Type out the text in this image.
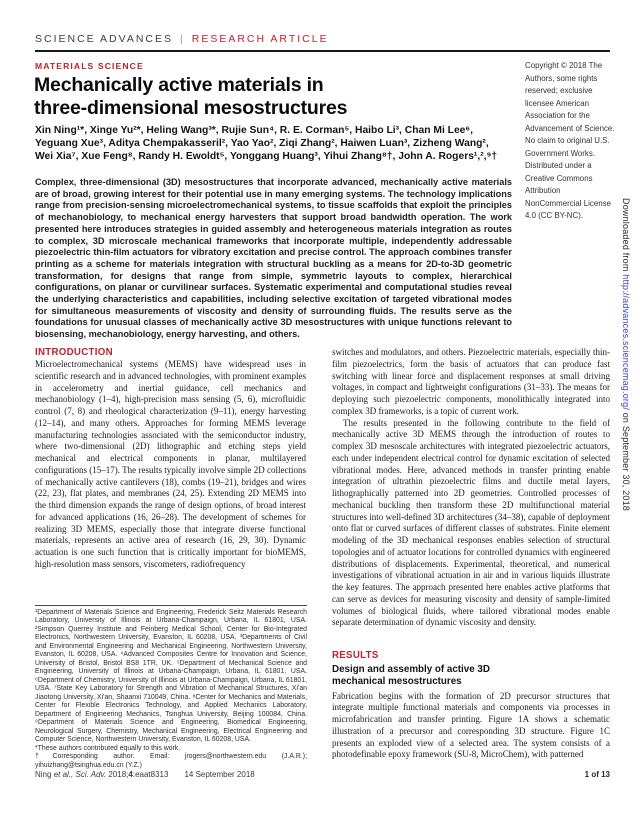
SCIENCE ADVANCES | RESEARCH ARTICLE
MATERIALS SCIENCE
Mechanically active materials in
three-dimensional mesostructures
Xin Ning¹*, Xinge Yu²*, Heling Wang³*, Rujie Sun⁴, R. E. Corman⁵, Haibo Li³, Chan Mi Lee⁶,
Yeguang Xue³, Aditya Chempakasseril², Yao Yao², Ziqi Zhang², Haiwen Luan³, Zizheng Wang²,
Wei Xia⁷, Xue Feng⁸, Randy H. Ewoldt⁵, Yonggang Huang³, Yihui Zhang⁸†, John A. Rogers¹,²,⁹†
Complex, three-dimensional (3D) mesostructures that incorporate advanced, mechanically active materials are of broad, growing interest for their potential use in many emerging systems. The technology implications range from precision-sensing microelectromechanical systems, to tissue scaffolds that exploit the principles of mechanobiology, to mechanical energy harvesters that support broad bandwidth operation. The work presented here introduces strategies in guided assembly and heterogeneous materials integration as routes to complex, 3D microscale mechanical frameworks that incorporate multiple, independently addressable piezoelectric thin-film actuators for vibratory excitation and precise control. The approach combines transfer printing as a scheme for materials integration with structural buckling as a means for 2D-to-3D geometric transformation, for designs that range from simple, symmetric layouts to complex, hierarchical configurations, on planar or curvilinear surfaces. Systematic experimental and computational studies reveal the underlying characteristics and capabilities, including selective excitation of targeted vibrational modes for simultaneous measurements of viscosity and density of surrounding fluids. The results serve as the foundations for unusual classes of mechanically active 3D mesostructures with unique functions relevant to biosensing, mechanobiology, energy harvesting, and others.
Copyright © 2018 The Authors, some rights reserved; exclusive licensee American Association for the Advancement of Science. No claim to original U.S. Government Works. Distributed under a Creative Commons Attribution NonCommercial License 4.0 (CC BY-NC).	Downloaded from http://advances.sciencemag.org/ on September 30, 2018
INTRODUCTION

Microelectromechanical systems (MEMS) have widespread uses in scientific research and in advanced technologies, with prominent examples in accelerometry and inertial guidance, cell mechanics and mechanobiology (1–4), high-precision mass sensing (5, 6), microfluidic control (7, 8) and rheological characterization (9–11), energy harvesting (12–14), and many others. Approaches for forming MEMS leverage manufacturing technologies associated with the semiconductor industry, where two-dimensional (2D) lithographic and etching steps yield mechanical and electrical components in planar, multilayered configurations (15–17). The results typically involve simple 2D collections of mechanically active cantilevers (18), combs (19–21), bridges and wires (22, 23), flat plates, and membranes (24, 25). Extending 2D MEMS into the third dimension expands the range of design options, of broad interest for advanced applications (16, 26–28). The development of schemes for realizing 3D MEMS, especially those that integrate diverse functional materials, represents an active area of research (16, 29, 30). Dynamic actuation is one such function that is critically important for bioMEMS, high-resolution mass sensors, viscometers, radiofrequency

¹Department of Materials Science and Engineering, Frederick Seitz Materials Research Laboratory, University of Illinois at Urbana-Champaign, Urbana, IL 61801, USA. ²Simpson Querrey Institute and Feinberg Medical School, Center for Bio-Integrated Electronics, Northwestern University, Evanston, IL 60208, USA. ³Departments of Civil and Environmental Engineering and Mechanical Engineering, Northwestern University, Evanston, IL 60208, USA. ⁴Advanced Composites Centre for Innovation and Science, University of Bristol, Bristol BS8 1TR, UK. ⁵Department of Mechanical Science and Engineering, University of Illinois at Urbana-Champaign, Urbana, IL 61801, USA. ⁶Department of Chemistry, University of Illinois at Urbana-Champaign, Urbana, IL 61801, USA. ⁷State Key Laboratory for Strength and Vibration of Mechanical Structures, Xi'an Jiaotong University, Xi'an, Shaanxi 710049, China. ⁸Center for Mechanics and Materials, Center for Flexible Electronics Technology, and Applied Mechanics Laboratory, Department of Engineering Mechanics, Tsinghua University, Beijing 100084, China. ⁹Department of Materials Science and Engineering, Biomedical Engineering, Neurological Surgery, Chemistry, Mechanical Engineering, Electrical Engineering and Computer Science, Northwestern University, Evanston, IL 60208, USA.

*These authors contributed equally to this work.

†Corresponding author. Email: jrogers@northwestern.edu (J.A.R.); yihuizhang@tsinghua.edu.cn (Y.Z.)

switches and modulators, and others. Piezoelectric materials, especially thin-film piezoelectrics, form the basis of actuators that can produce fast switching with linear force and displacement responses at small driving voltages, in compact and lightweight configurations (31–33). The means for deploying such piezoelectric components, monolithically integrated into complex 3D frameworks, is a topic of current work.

The results presented in the following contribute to the field of mechanically active 3D MEMS through the introduction of routes to complex 3D mesoscale architectures with integrated piezoelectric actuators, each under independent electrical control for dynamic excitation of selected vibrational modes. Here, advanced methods in transfer printing enable integration of ultrathin piezoelectric films and ductile metal layers, lithographically patterned into 2D geometries. Controlled processes of mechanical buckling then transform these 2D multifunctional material structures into well-defined 3D architectures (34–38), capable of deployment onto flat or curved surfaces of different classes of substrates. Finite element modeling of the 3D mechanical responses enables selection of structural topologies and of actuator locations for controlled dynamics with engineered distributions of displacements. Experimental, theoretical, and numerical investigations of vibrational actuation in air and in various liquids illustrate the key features. The approach presented here enables active platforms that can serve as devices for measuring viscosity and density of sample-limited volumes of biological fluids, where tailored vibrational modes enable separate determination of dynamic viscosity and density.

RESULTS
Design and assembly of active 3D
mechanical mesostructures

Fabrication begins with the formation of 2D precursor structures that integrate multiple functional materials and components via processes in microfabrication and transfer printing. Figure 1A shows a schematic illustration of a precursor and corresponding 3D structure. Figure 1C presents an exploded view of a selected area. The system consists of a photodefinable epoxy framework (SU-8, MicroChem), with patterned

Ning et al., Sci. Adv. 2018;4:eaat8313 14 September 2018	1 of 13
